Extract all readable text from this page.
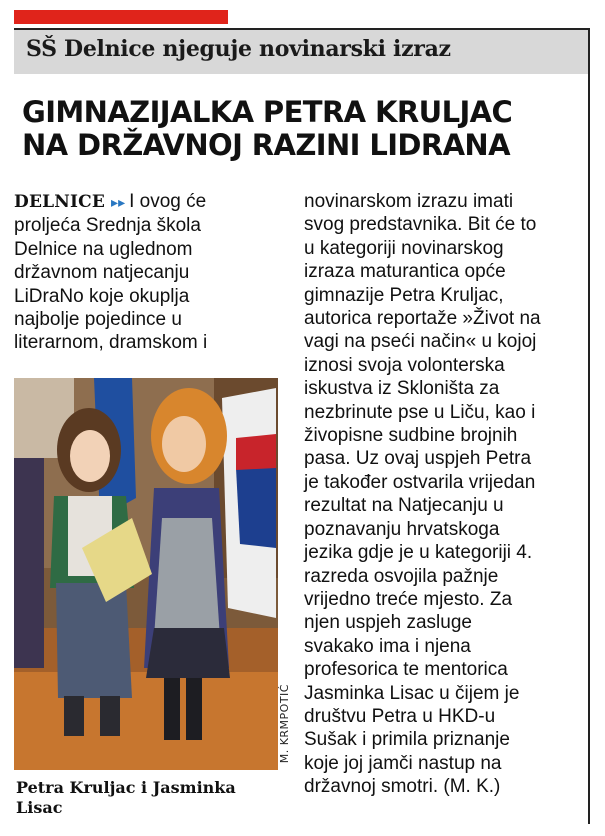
SŠ Delnice njeguje novinarski izraz
GIMNAZIJALKA PETRA KRULJAC
NA DRŽAVNOJ RAZINI LIDRANA
DELNICE ▸▸ I ovog će
proljeća Srednja škola
Delnice na uglednom
državnom natjecanju
LiDraNo koje okuplja
najbolje pojedince u
literarnom, dramskom i
novinarskom izrazu imati
svog predstavnika. Bit će to
u kategoriji novinarskog
izraza maturantica opće
gimnazije Petra Kruljac,
autorica reportaže »Život na
vagi na pseći način« u kojoj
iznosi svoja volonterska
iskustva iz Skloništa za
nezbrinute pse u Liču, kao i
živopisne sudbine brojnih
pasa. Uz ovaj uspjeh Petra
je također ostvarila vrijedan
rezultat na Natjecanju u
poznavanju hrvatskoga
jezika gdje je u kategoriji 4.
razreda osvojila pažnje
vrijedno treće mjesto. Za
njen uspjeh zasluge
svakako ima i njena
profesorica te mentorica
Jasminka Lisac u čijem je
društvu Petra u HKD-u
Sušak i primila priznanje
koje joj jamči nastup na
državnoj smotri. (M. K.)
M. KRMPOTIĆ
Petra Kruljac i Jasminka
Lisac
